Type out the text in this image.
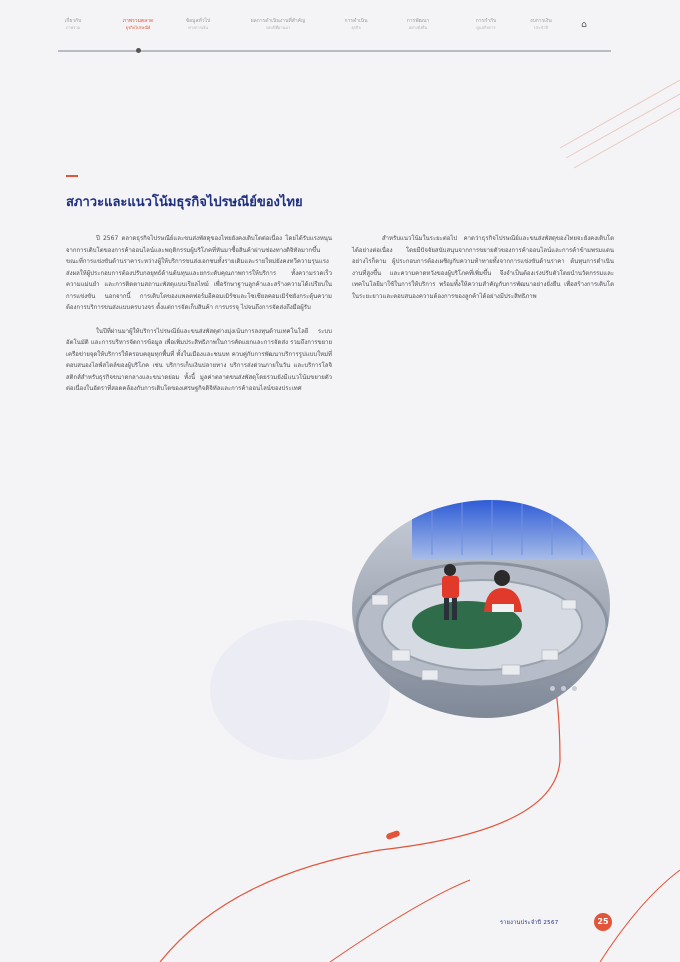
เกี่ยวกับ
ภาพรวม
ภาพรวมตลาด
ธุรกิจไปรษณีย์
ข้อมูลทั่วไป
ทางการเงิน
ผลการดำเนินงานที่สำคัญ
รอบปีที่ผ่านมา
การดำเนิน
ธุรกิจ
การพัฒนา
อย่างยั่งยืน
การกำกับ
ดูแลกิจการ
งบการเงิน
ประจำปี	⌂
สภาวะและแนวโน้มธุรกิจไปรษณีย์ของไทย

ปี 2567 ตลาดธุรกิจไปรษณีย์และขนส่งพัสดุของไทยยังคงเติบโตต่อเนื่อง โดยได้รับแรงหนุนจากการเติบโตของการค้าออนไลน์และพฤติกรรมผู้บริโภคที่หันมาซื้อสินค้าผ่านช่องทางดิจิทัลมากขึ้น ขณะที่การแข่งขันด้านราคาระหว่างผู้ให้บริการขนส่งเอกชนทั้งรายเดิมและรายใหม่ยังคงทวีความรุนแรง ส่งผลให้ผู้ประกอบการต้องปรับกลยุทธ์ด้านต้นทุนและยกระดับคุณภาพการให้บริการ ทั้งความรวดเร็ว ความแม่นยำ และการติดตามสถานะพัสดุแบบเรียลไทม์ เพื่อรักษาฐานลูกค้าและสร้างความได้เปรียบในการแข่งขัน นอกจากนี้ การเติบโตของแพลตฟอร์มอีคอมเมิร์ซและโซเชียลคอมเมิร์ซยังกระตุ้นความต้องการบริการขนส่งแบบครบวงจร ตั้งแต่การจัดเก็บสินค้า การบรรจุ ไปจนถึงการจัดส่งถึงมือผู้รับ

ในปีที่ผ่านมาผู้ให้บริการไปรษณีย์และขนส่งพัสดุต่างมุ่งเน้นการลงทุนด้านเทคโนโลยี ระบบอัตโนมัติ และการบริหารจัดการข้อมูล เพื่อเพิ่มประสิทธิภาพในการคัดแยกและการจัดส่ง รวมถึงการขยายเครือข่ายจุดให้บริการให้ครอบคลุมทุกพื้นที่ ทั้งในเมืองและชนบท ควบคู่กับการพัฒนาบริการรูปแบบใหม่ที่ตอบสนองไลฟ์สไตล์ของผู้บริโภค เช่น บริการเก็บเงินปลายทาง บริการส่งด่วนภายในวัน และบริการโลจิสติกส์สำหรับธุรกิจขนาดกลางและขนาดย่อม ทั้งนี้ มูลค่าตลาดขนส่งพัสดุโดยรวมยังมีแนวโน้มขยายตัวต่อเนื่องในอัตราที่สอดคล้องกับการเติบโตของเศรษฐกิจดิจิทัลและการค้าออนไลน์ของประเทศ

สำหรับแนวโน้มในระยะต่อไป คาดว่าธุรกิจไปรษณีย์และขนส่งพัสดุของไทยจะยังคงเติบโตได้อย่างต่อเนื่อง โดยมีปัจจัยสนับสนุนจากการขยายตัวของการค้าออนไลน์และการค้าข้ามพรมแดน อย่างไรก็ตาม ผู้ประกอบการต้องเผชิญกับความท้าทายทั้งจากการแข่งขันด้านราคา ต้นทุนการดำเนินงานที่สูงขึ้น และความคาดหวังของผู้บริโภคที่เพิ่มขึ้น จึงจำเป็นต้องเร่งปรับตัวโดยนำนวัตกรรมและเทคโนโลยีมาใช้ในการให้บริการ พร้อมทั้งให้ความสำคัญกับการพัฒนาอย่างยั่งยืน เพื่อสร้างการเติบโตในระยะยาวและตอบสนองความต้องการของลูกค้าได้อย่างมีประสิทธิภาพ

รายงานประจำปี 2567	25
